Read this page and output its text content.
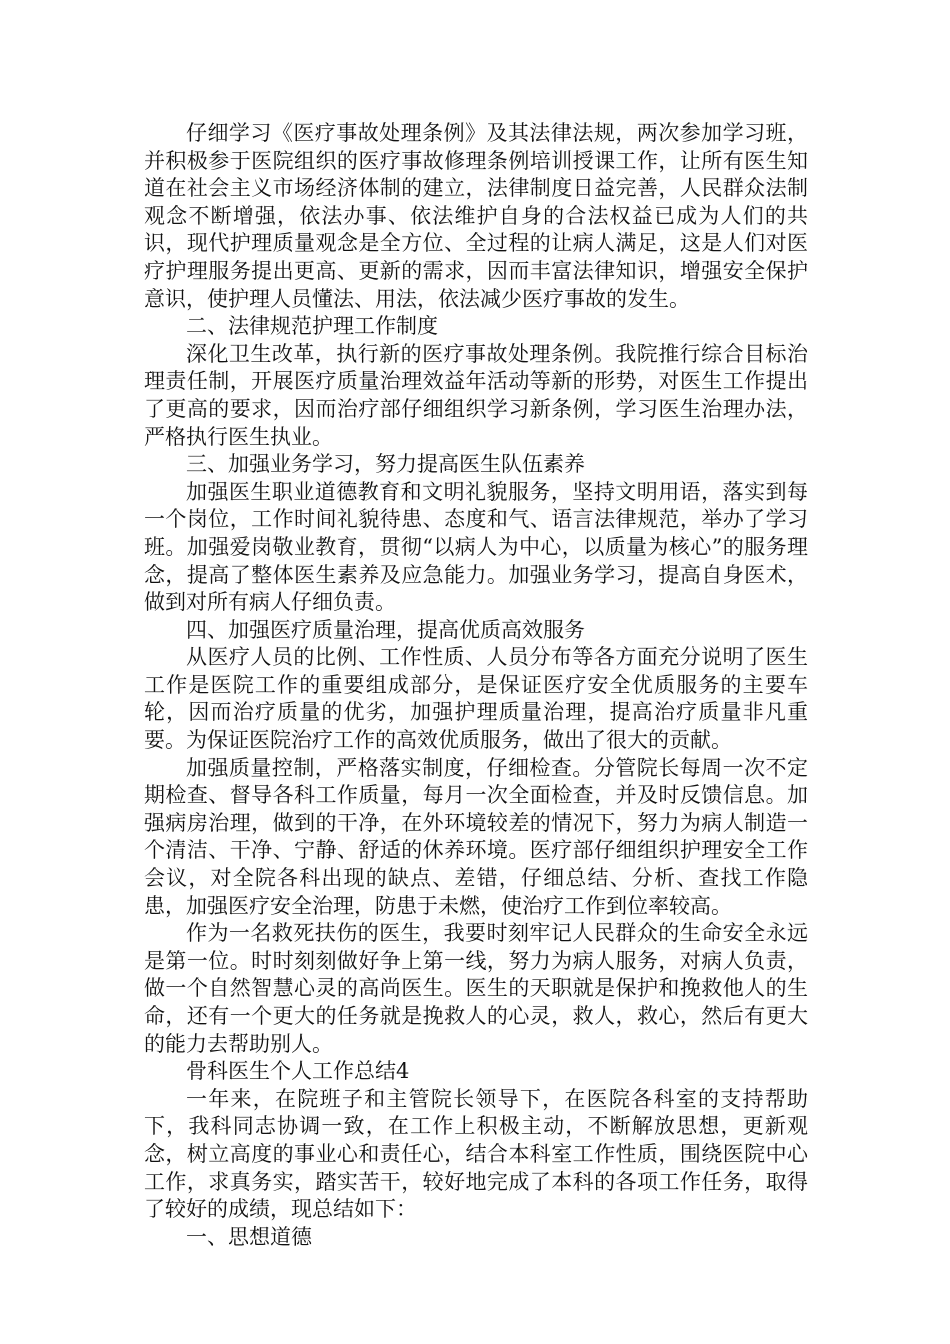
仔细学习《医疗事故处理条例》及其法律法规，两次参加学习班，并积极参于医院组织的医疗事故修理条例培训授课工作，让所有医生知道在社会主义市场经济体制的建立，法律制度日益完善，人民群众法制观念不断增强，依法办事、依法维护自身的合法权益已成为人们的共识，现代护理质量观念是全方位、全过程的让病人满足，这是人们对医疗护理服务提出更高、更新的需求，因而丰富法律知识，增强安全保护意识，使护理人员懂法、用法，依法减少医疗事故的发生。

二、法律规范护理工作制度

深化卫生改革，执行新的医疗事故处理条例。我院推行综合目标治理责任制，开展医疗质量治理效益年活动等新的形势，对医生工作提出了更高的要求，因而治疗部仔细组织学习新条例，学习医生治理办法，严格执行医生执业。

三、加强业务学习，努力提高医生队伍素养

加强医生职业道德教育和文明礼貌服务，坚持文明用语，落实到每一个岗位，工作时间礼貌待患、态度和气、语言法律规范，举办了学习班。加强爱岗敬业教育，贯彻“以病人为中心，以质量为核心”的服务理念，提高了整体医生素养及应急能力。加强业务学习，提高自身医术，做到对所有病人仔细负责。

四、加强医疗质量治理，提高优质高效服务

从医疗人员的比例、工作性质、人员分布等各方面充分说明了医生工作是医院工作的重要组成部分，是保证医疗安全优质服务的主要车轮，因而治疗质量的优劣，加强护理质量治理，提高治疗质量非凡重要。为保证医院治疗工作的高效优质服务，做出了很大的贡献。

加强质量控制，严格落实制度，仔细检查。分管院长每周一次不定期检查、督导各科工作质量，每月一次全面检查，并及时反馈信息。加强病房治理，做到的干净，在外环境较差的情况下，努力为病人制造一个清洁、干净、宁静、舒适的休养环境。医疗部仔细组织护理安全工作会议，对全院各科出现的缺点、差错，仔细总结、分析、查找工作隐患，加强医疗安全治理，防患于未燃，使治疗工作到位率较高。

作为一名救死扶伤的医生，我要时刻牢记人民群众的生命安全永远是第一位。时时刻刻做好争上第一线，努力为病人服务，对病人负责，做一个自然智慧心灵的高尚医生。医生的天职就是保护和挽救他人的生命，还有一个更大的任务就是挽救人的心灵，救人，救心，然后有更大的能力去帮助别人。

骨科医生个人工作总结4

一年来，在院班子和主管院长领导下，在医院各科室的支持帮助下，我科同志协调一致，在工作上积极主动，不断解放思想，更新观念，树立高度的事业心和责任心，结合本科室工作性质，围绕医院中心工作，求真务实，踏实苦干，较好地完成了本科的各项工作任务，取得了较好的成绩，现总结如下：

一、思想道德
